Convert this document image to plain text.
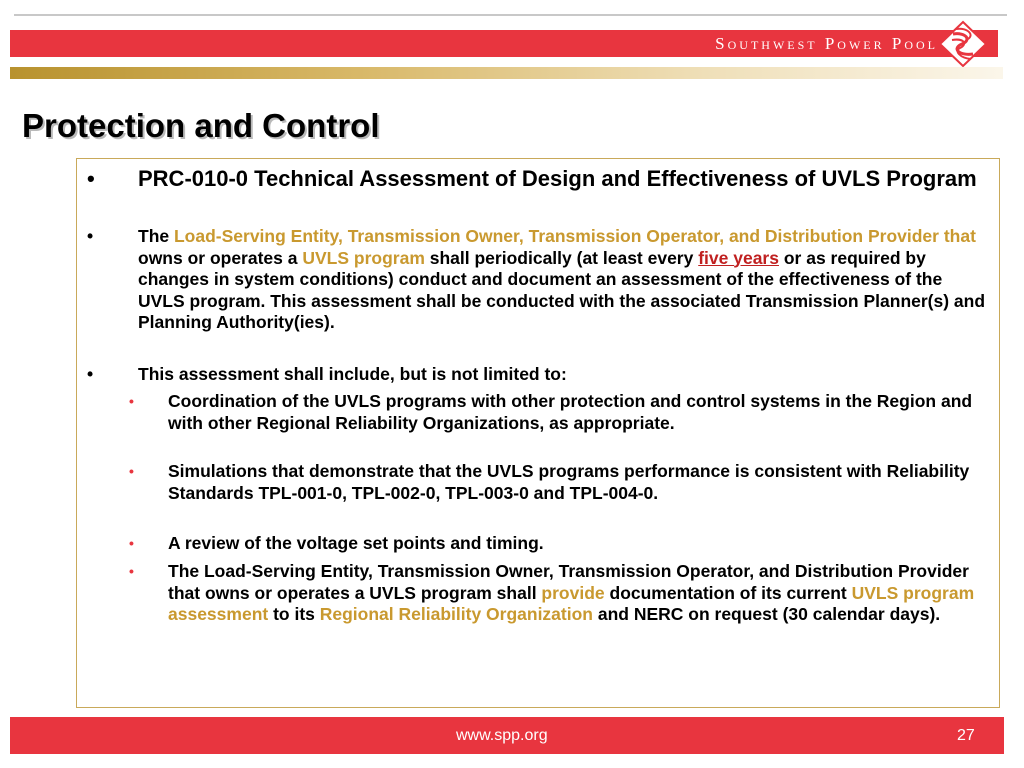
Southwest Power Pool
Protection and Control
• PRC-010-0 Technical Assessment of Design and Effectiveness of UVLS Program
•	The Load-Serving Entity, Transmission Owner, Transmission Operator, and Distribution Provider that owns or operates a UVLS program shall periodically (at least every five years or as required by changes in system conditions) conduct and document an assessment of the effectiveness of the UVLS program. This assessment shall be conducted with the associated Transmission Planner(s) and Planning Authority(ies).
•	This assessment shall include, but is not limited to:
• Coordination of the UVLS programs with other protection and control systems in the Region and with other Regional Reliability Organizations, as appropriate.
• Simulations that demonstrate that the UVLS programs performance is consistent with Reliability Standards TPL-001-0, TPL-002-0, TPL-003-0 and TPL-004-0.
• A review of the voltage set points and timing.
• The Load-Serving Entity, Transmission Owner, Transmission Operator, and Distribution Provider that owns or operates a UVLS program shall provide documentation of its current UVLS program assessment to its Regional Reliability Organization and NERC on request (30 calendar days).
www.spp.org	27
